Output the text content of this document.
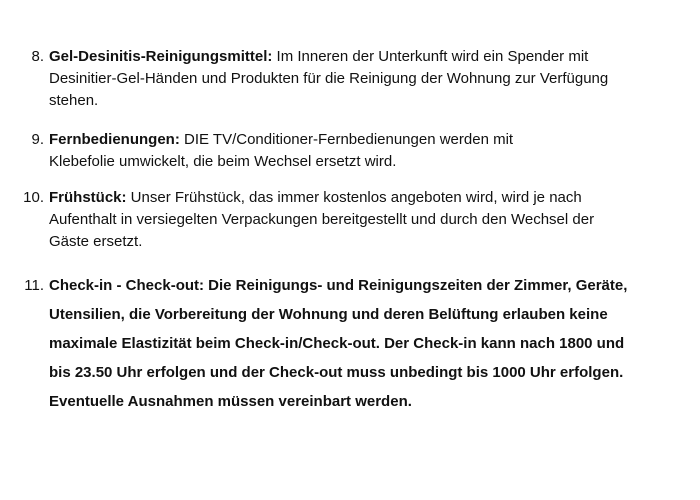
8. Gel-Desinitis-Reinigungsmittel: Im Inneren der Unterkunft wird ein Spender mit
Desinitier-Gel-Händen und Produkten für die Reinigung der Wohnung zur Verfügung
stehen.
9. Fernbedienungen: DIE TV/Conditioner-Fernbedienungen werden mit
Klebefolie umwickelt, die beim Wechsel ersetzt wird.
10. Frühstück: Unser Frühstück, das immer kostenlos angeboten wird, wird je nach
Aufenthalt in versiegelten Verpackungen bereitgestellt und durch den Wechsel der
Gäste ersetzt.
11. Check-in - Check-out: Die Reinigungs- und Reinigungszeiten der Zimmer, Geräte,
Utensilien, die Vorbereitung der Wohnung und deren Belüftung erlauben keine
maximale Elastizität beim Check-in/Check-out. Der Check-in kann nach 1800 und
bis 23.50 Uhr erfolgen und der Check-out muss unbedingt bis 1000 Uhr erfolgen.
Eventuelle Ausnahmen müssen vereinbart werden.
